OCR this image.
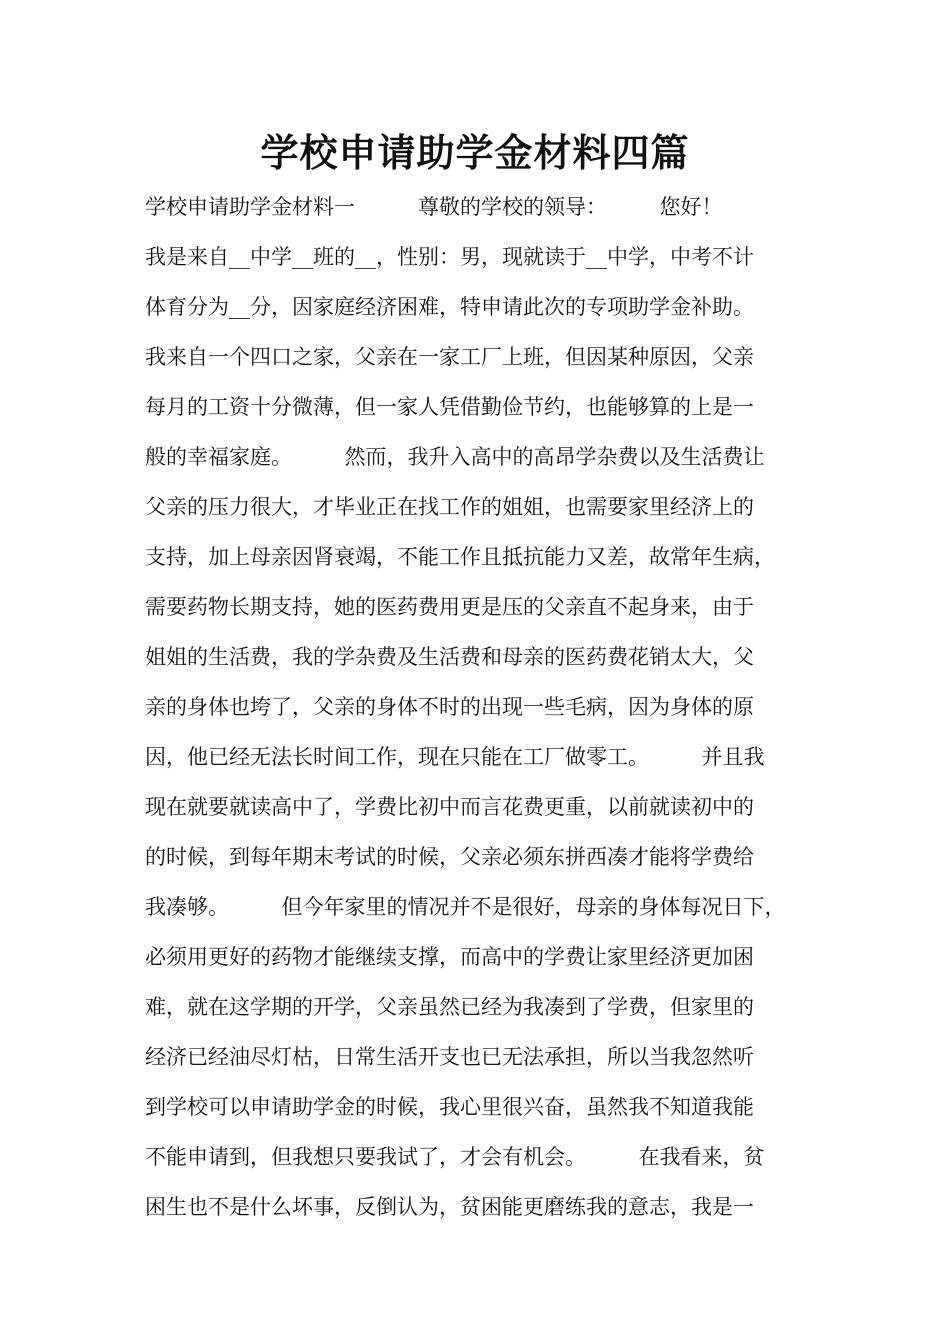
学校申请助学金材料四篇
学校申请助学金材料一　　　尊敬的学校的领导：　　　您好！
我是来自__中学__班的__，性别：男，现就读于__中学，中考不计
体育分为__分，因家庭经济困难，特申请此次的专项助学金补助。
我来自一个四口之家，父亲在一家工厂上班，但因某种原因，父亲
每月的工资十分微薄，但一家人凭借勤俭节约，也能够算的上是一
般的幸福家庭。　　　然而，我升入高中的高昂学杂费以及生活费让
父亲的压力很大，才毕业正在找工作的姐姐，也需要家里经济上的
支持，加上母亲因肾衰竭，不能工作且抵抗能力又差，故常年生病，
需要药物长期支持，她的医药费用更是压的父亲直不起身来，由于
姐姐的生活费，我的学杂费及生活费和母亲的医药费花销太大，父
亲的身体也垮了，父亲的身体不时的出现一些毛病，因为身体的原
因，他已经无法长时间工作，现在只能在工厂做零工。　　　并且我
现在就要就读高中了，学费比初中而言花费更重，以前就读初中的
的时候，到每年期末考试的时候，父亲必须东拼西凑才能将学费给
我凑够。　　　但今年家里的情况并不是很好，母亲的身体每况日下，
必须用更好的药物才能继续支撑，而高中的学费让家里经济更加困
难，就在这学期的开学，父亲虽然已经为我凑到了学费，但家里的
经济已经油尽灯枯，日常生活开支也已无法承担，所以当我忽然听
到学校可以申请助学金的时候，我心里很兴奋，虽然我不知道我能
不能申请到，但我想只要我试了，才会有机会。　　　在我看来，贫
困生也不是什么坏事，反倒认为，贫困能更磨练我的意志，我是一
